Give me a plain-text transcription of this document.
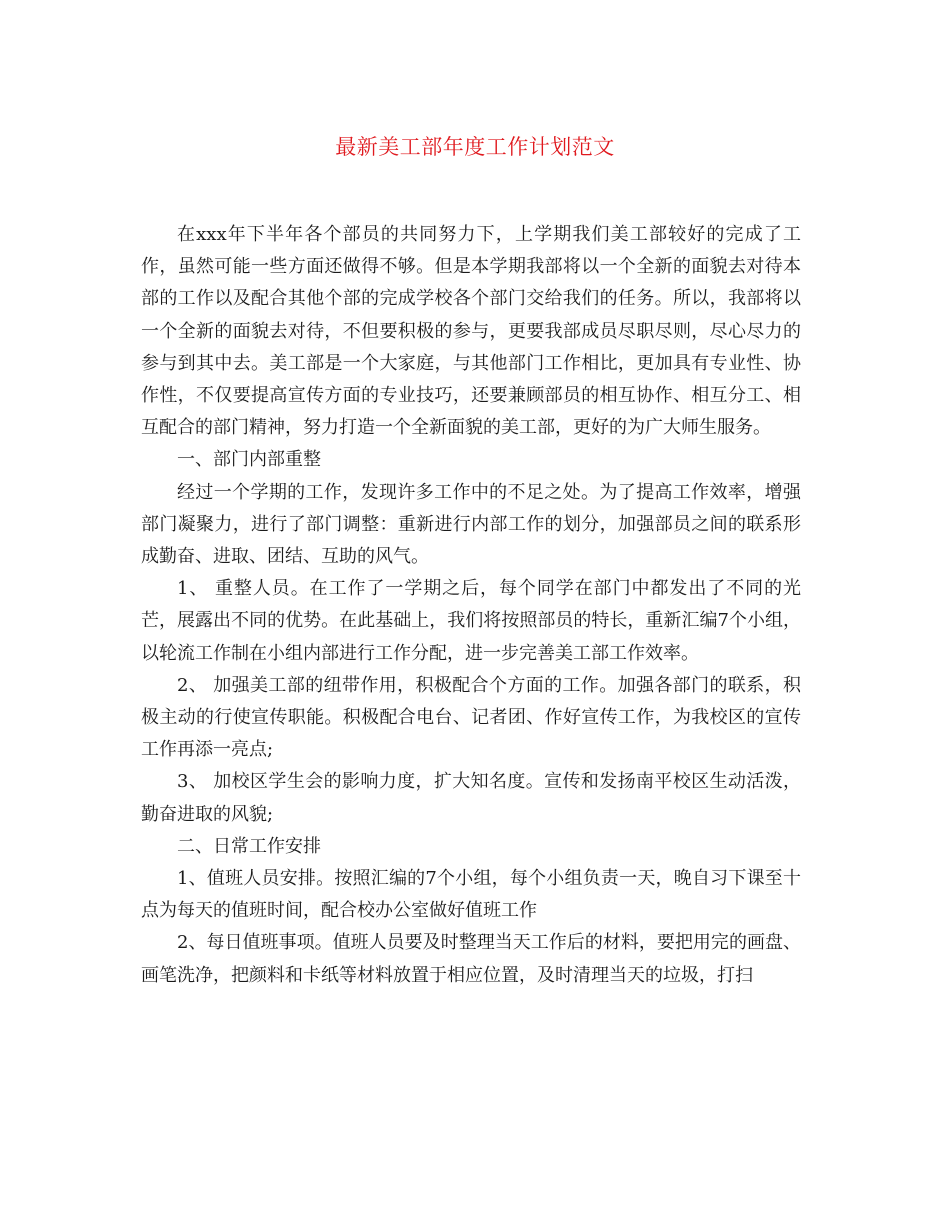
最新美工部年度工作计划范文

在xxx年下半年各个部员的共同努力下，上学期我们美工部较好的完成了工作，虽然可能一些方面还做得不够。但是本学期我部将以一个全新的面貌去对待本部的工作以及配合其他个部的完成学校各个部门交给我们的任务。所以，我部将以一个全新的面貌去对待，不但要积极的参与，更要我部成员尽职尽则，尽心尽力的参与到其中去。美工部是一个大家庭，与其他部门工作相比，更加具有专业性、协作性，不仅要提高宣传方面的专业技巧，还要兼顾部员的相互协作、相互分工、相互配合的部门精神，努力打造一个全新面貌的美工部，更好的为广大师生服务。

一、部门内部重整

经过一个学期的工作，发现许多工作中的不足之处。为了提高工作效率，增强部门凝聚力，进行了部门调整：重新进行内部工作的划分，加强部员之间的联系形成勤奋、进取、团结、互助的风气。

1、 重整人员。在工作了一学期之后，每个同学在部门中都发出了不同的光芒，展露出不同的优势。在此基础上，我们将按照部员的特长，重新汇编7个小组，以轮流工作制在小组内部进行工作分配，进一步完善美工部工作效率。

2、 加强美工部的纽带作用，积极配合个方面的工作。加强各部门的联系，积极主动的行使宣传职能。积极配合电台、记者团、作好宣传工作，为我校区的宣传工作再添一亮点;

3、 加校区学生会的影响力度，扩大知名度。宣传和发扬南平校区生动活泼，勤奋进取的风貌;

二、日常工作安排

1、值班人员安排。按照汇编的7个小组，每个小组负责一天，晚自习下课至十点为每天的值班时间，配合校办公室做好值班工作

2、每日值班事项。值班人员要及时整理当天工作后的材料，要把用完的画盘、画笔洗净，把颜料和卡纸等材料放置于相应位置，及时清理当天的垃圾，打扫
